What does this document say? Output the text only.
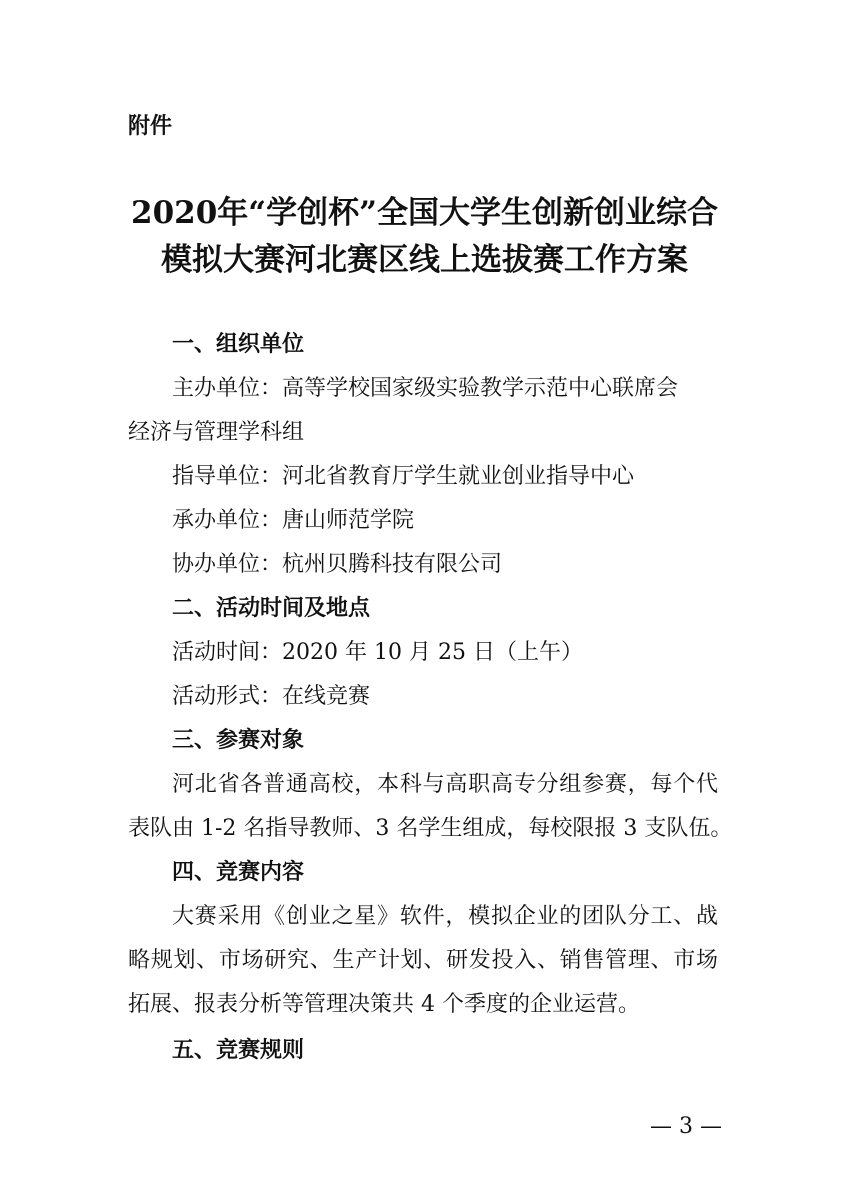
附件
2020年“学创杯”全国大学生创新创业综合
模拟大赛河北赛区线上选拔赛工作方案
一、组织单位
主办单位：高等学校国家级实验教学示范中心联席会
经济与管理学科组
指导单位：河北省教育厅学生就业创业指导中心
承办单位：唐山师范学院
协办单位：杭州贝腾科技有限公司
二、活动时间及地点
活动时间：2020 年 10 月 25 日（上午）
活动形式：在线竞赛
三、参赛对象
河北省各普通高校，本科与高职高专分组参赛，每个代
表队由 1-2 名指导教师、3 名学生组成，每校限报 3 支队伍。
四、竞赛内容
大赛采用《创业之星》软件，模拟企业的团队分工、战
略规划、市场研究、生产计划、研发投入、销售管理、市场
拓展、报表分析等管理决策共 4 个季度的企业运营。
五、竞赛规则
— 3 —
